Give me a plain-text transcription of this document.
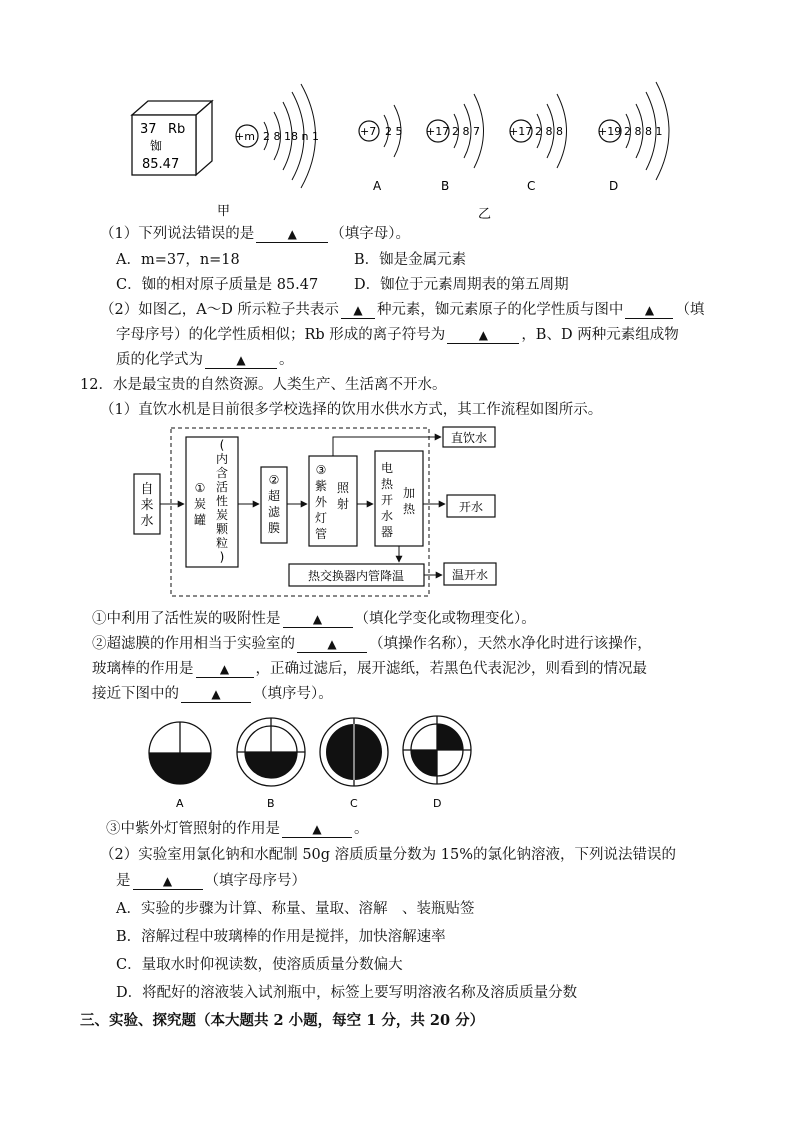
37 Rb
铷
85.47
+m 2 8 18 n 1	+7 2 5 +17 2 8 7	+17 2 8 8	+19 2 8 8 1
A	B	C	D
甲	乙
（1）下列说法错误的是	▲ （填字母）。
A．m=37，n=18	B．铷是金属元素
C．铷的相对原子质量是 85.47 D．铷位于元素周期表的第五周期
（2）如图乙，A～D 所示粒子共表示 ▲ 种元素，铷元素原子的化学性质与图中 ▲ （填
字母序号）的化学性质相似；Rb 形成的离子符号为	▲ ，B、D 两种元素组成物
质的化学式为	▲ 。
12．水是最宝贵的自然资源。人类生产、生活离不开水。
（1）直饮水机是目前很多学校选择的饮用水供水方式，其工作流程如图所示。
自来水
① 炭罐
(内含活性炭颗粒)
② 超滤膜
③ 紫外灯管
照射
电热开水器
加热
热交换器内管降温
直饮水
开水
温开水
①中利用了活性炭的吸附性是	▲ （填化学变化或物理变化）。
②超滤膜的作用相当于实验室的	▲ （填操作名称），天然水净化时进行该操作，
玻璃棒的作用是 ▲ ，正确过滤后，展开滤纸，若黑色代表泥沙，则看到的情况最
接近下图中的	▲ （填序号）。
A	B	C	D
③中紫外灯管照射的作用是	▲ 。
（2）实验室用氯化钠和水配制 50g 溶质质量分数为 15%的氯化钠溶液，下列说法错误的
是	▲ （填字母序号）
A．实验的步骤为计算、称量、量取、溶解　、装瓶贴签
B．溶解过程中玻璃棒的作用是搅拌，加快溶解速率
C．量取水时仰视读数，使溶质质量分数偏大
D．将配好的溶液装入试剂瓶中，标签上要写明溶液名称及溶质质量分数
三、实验、探究题（本大题共 2 小题，每空 1 分，共 20 分）
